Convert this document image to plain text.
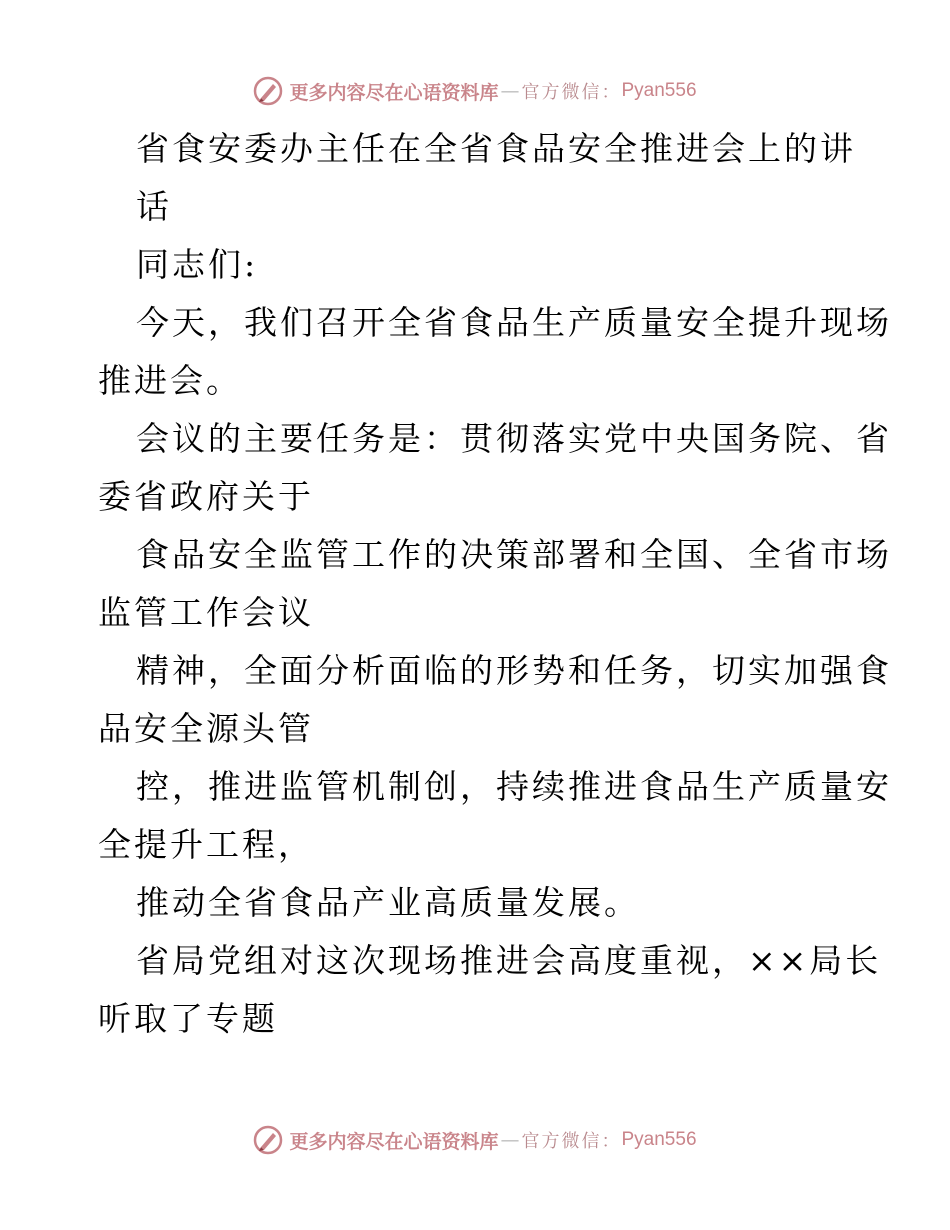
更多内容尽在心语资料库 — 官方微信： Pyan556
省食安委办主任在全省食品安全推进会上的讲
话
同志们:
今天，我们召开全省食品生产质量安全提升现场
推进会。
会议的主要任务是：贯彻落实党中央国务院、省
委省政府关于
食品安全监管工作的决策部署和全国、全省市场
监管工作会议
精神，全面分析面临的形势和任务，切实加强食
品安全源头管
控，推进监管机制创，持续推进食品生产质量安
全提升工程，
推动全省食品产业高质量发展。
省局党组对这次现场推进会高度重视，××局长
听取了专题
更多内容尽在心语资料库 — 官方微信： Pyan556
